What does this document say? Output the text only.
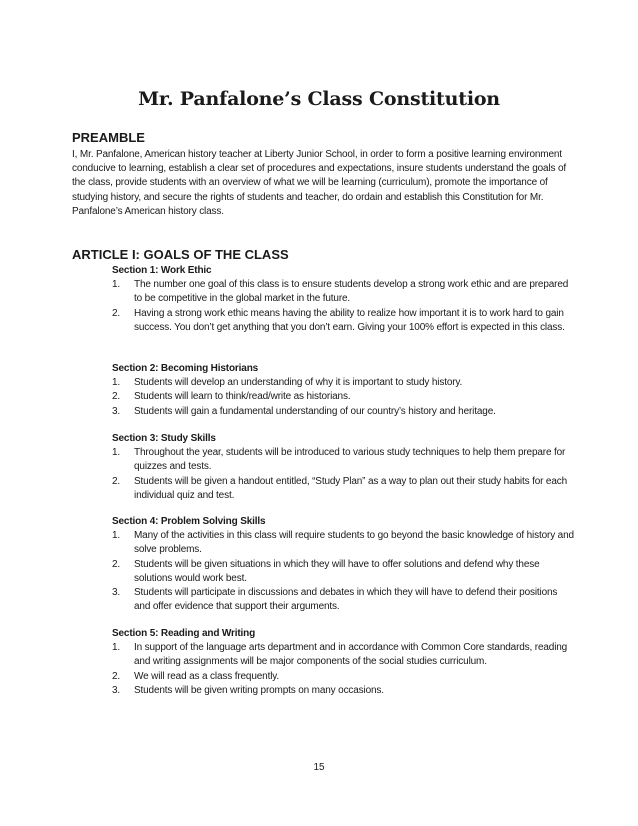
Mr. Panfalone’s Class Constitution
PREAMBLE
I, Mr. Panfalone, American history teacher at Liberty Junior School, in order to form a positive learning environment conducive to learning, establish a clear set of procedures and expectations, insure students understand the goals of the class, provide students with an overview of what we will be learning (curriculum), promote the importance of studying history, and secure the rights of students and teacher, do ordain and establish this Constitution for Mr. Panfalone’s American history class.
ARTICLE I: GOALS OF THE CLASS
Section 1: Work Ethic
1. The number one goal of this class is to ensure students develop a strong work ethic and are prepared to be competitive in the global market in the future.
2. Having a strong work ethic means having the ability to realize how important it is to work hard to gain success. You don’t get anything that you don’t earn. Giving your 100% effort is expected in this class.
Section 2: Becoming Historians
1. Students will develop an understanding of why it is important to study history.
2. Students will learn to think/read/write as historians.
3. Students will gain a fundamental understanding of our country’s history and heritage.
Section 3: Study Skills
1. Throughout the year, students will be introduced to various study techniques to help them prepare for quizzes and tests.
2. Students will be given a handout entitled, “Study Plan” as a way to plan out their study habits for each individual quiz and test.
Section 4: Problem Solving Skills
1. Many of the activities in this class will require students to go beyond the basic knowledge of history and solve problems.
2. Students will be given situations in which they will have to offer solutions and defend why these solutions would work best.
3. Students will participate in discussions and debates in which they will have to defend their positions and offer evidence that support their arguments.
Section 5: Reading and Writing
1. In support of the language arts department and in accordance with Common Core standards, reading and writing assignments will be major components of the social studies curriculum.
2. We will read as a class frequently.
3. Students will be given writing prompts on many occasions.
15
